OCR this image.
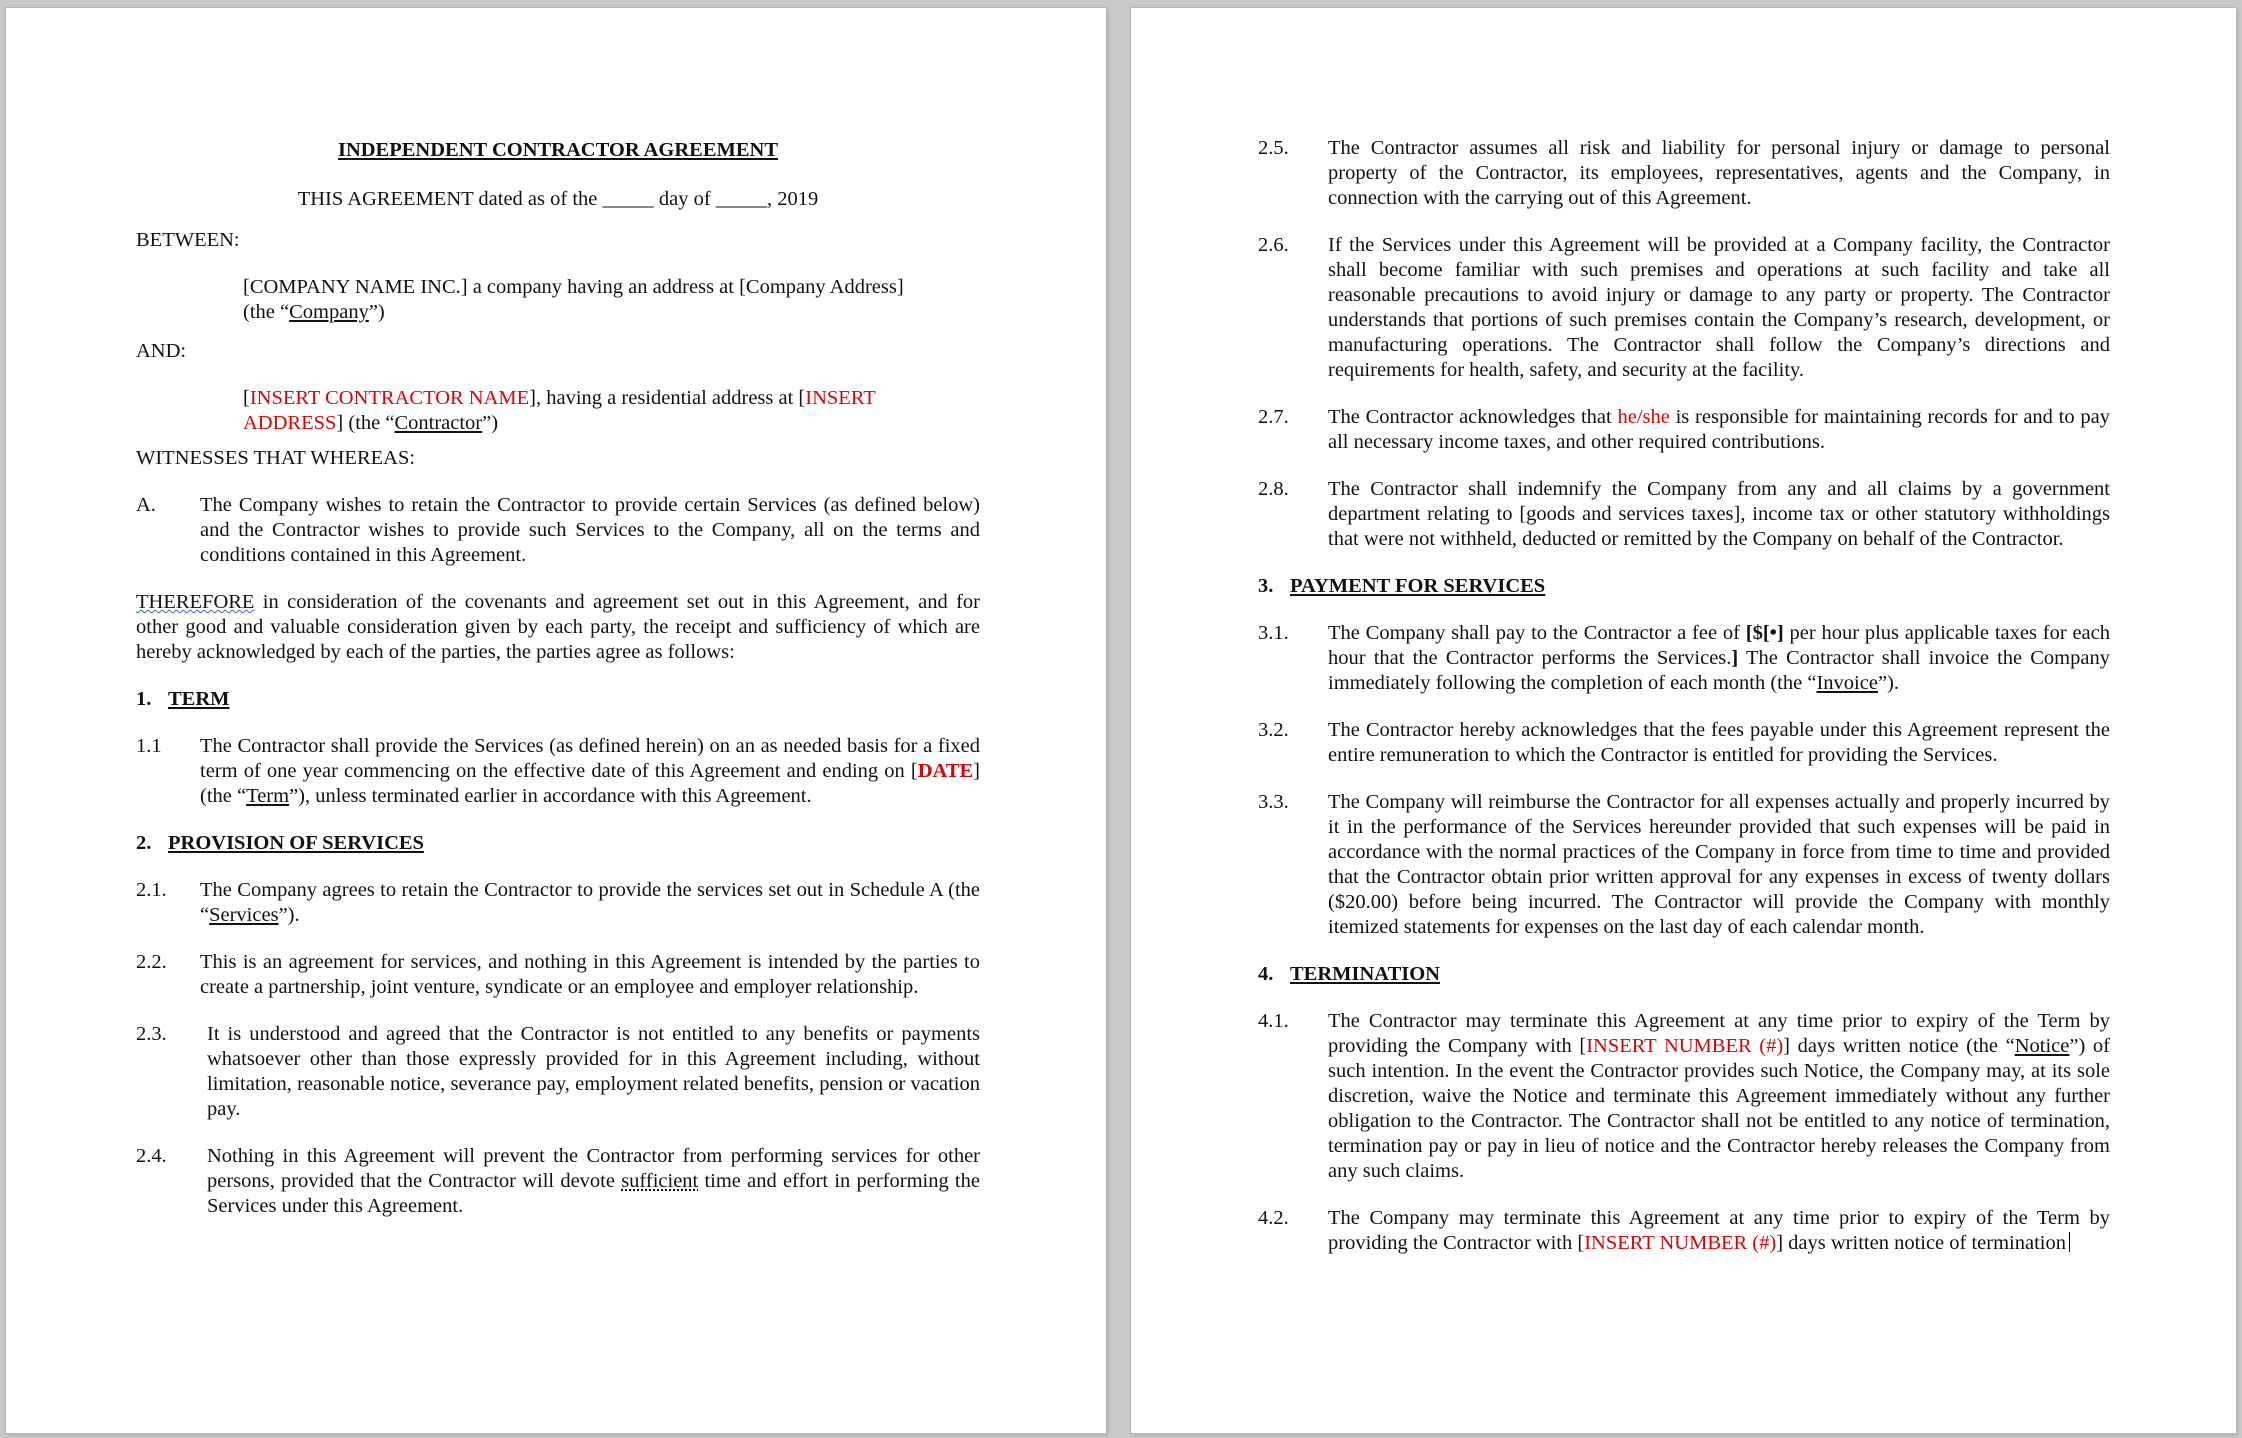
INDEPENDENT CONTRACTOR AGREEMENT

THIS AGREEMENT dated as of the _____ day of _____, 2019

BETWEEN:

[COMPANY NAME INC.] a company having an address at [Company Address]

(the “Company”)

AND:

[INSERT CONTRACTOR NAME], having a residential address at [INSERT ADDRESS] (the “Contractor”)

WITNESSES THAT WHEREAS:

A.	The Company wishes to retain the Contractor to provide certain Services (as defined below) and the Contractor wishes to provide such Services to the Company, all on the terms and conditions contained in this Agreement.

THEREFORE in consideration of the covenants and agreement set out in this Agreement, and for other good and valuable consideration given by each party, the receipt and sufficiency of which are hereby acknowledged by each of the parties, the parties agree as follows:

1. TERM
1.1	The Contractor shall provide the Services (as defined herein) on an as needed basis for a fixed term of one year commencing on the effective date of this Agreement and ending on [DATE] (the “Term”), unless terminated earlier in accordance with this Agreement.
2. PROVISION OF SERVICES
2.1.	The Company agrees to retain the Contractor to provide the services set out in Schedule A (the “Services”).
2.2.	This is an agreement for services, and nothing in this Agreement is intended by the parties to create a partnership, joint venture, syndicate or an employee and employer relationship.
2.3.	It is understood and agreed that the Contractor is not entitled to any benefits or payments whatsoever other than those expressly provided for in this Agreement including, without limitation, reasonable notice, severance pay, employment related benefits, pension or vacation pay.
2.4.	Nothing in this Agreement will prevent the Contractor from performing services for other persons, provided that the Contractor will devote sufficient time and effort in performing the Services under this Agreement.
2.5.	The Contractor assumes all risk and liability for personal injury or damage to personal property of the Contractor, its employees, representatives, agents and the Company, in connection with the carrying out of this Agreement.
2.6.	If the Services under this Agreement will be provided at a Company facility, the Contractor shall become familiar with such premises and operations at such facility and take all reasonable precautions to avoid injury or damage to any party or property. The Contractor understands that portions of such premises contain the Company’s research, development, or manufacturing operations. The Contractor shall follow the Company’s directions and requirements for health, safety, and security at the facility.
2.7.	The Contractor acknowledges that he/she is responsible for maintaining records for and to pay all necessary income taxes, and other required contributions.
2.8.	The Contractor shall indemnify the Company from any and all claims by a government department relating to [goods and services taxes], income tax or other statutory withholdings that were not withheld, deducted or remitted by the Company on behalf of the Contractor.
3. PAYMENT FOR SERVICES
3.1.	The Company shall pay to the Contractor a fee of [$[•] per hour plus applicable taxes for each hour that the Contractor performs the Services.] The Contractor shall invoice the Company immediately following the completion of each month (the “Invoice”).
3.2.	The Contractor hereby acknowledges that the fees payable under this Agreement represent the entire remuneration to which the Contractor is entitled for providing the Services.
3.3.	The Company will reimburse the Contractor for all expenses actually and properly incurred by it in the performance of the Services hereunder provided that such expenses will be paid in accordance with the normal practices of the Company in force from time to time and provided that the Contractor obtain prior written approval for any expenses in excess of twenty dollars ($20.00) before being incurred. The Contractor will provide the Company with monthly itemized statements for expenses on the last day of each calendar month.
4. TERMINATION
4.1.	The Contractor may terminate this Agreement at any time prior to expiry of the Term by providing the Company with [INSERT NUMBER (#)] days written notice (the “Notice”) of such intention. In the event the Contractor provides such Notice, the Company may, at its sole discretion, waive the Notice and terminate this Agreement immediately without any further obligation to the Contractor. The Contractor shall not be entitled to any notice of termination, termination pay or pay in lieu of notice and the Contractor hereby releases the Company from any such claims.
4.2.	The Company may terminate this Agreement at any time prior to expiry of the Term by providing the Contractor with [INSERT NUMBER (#)] days written notice of termination
